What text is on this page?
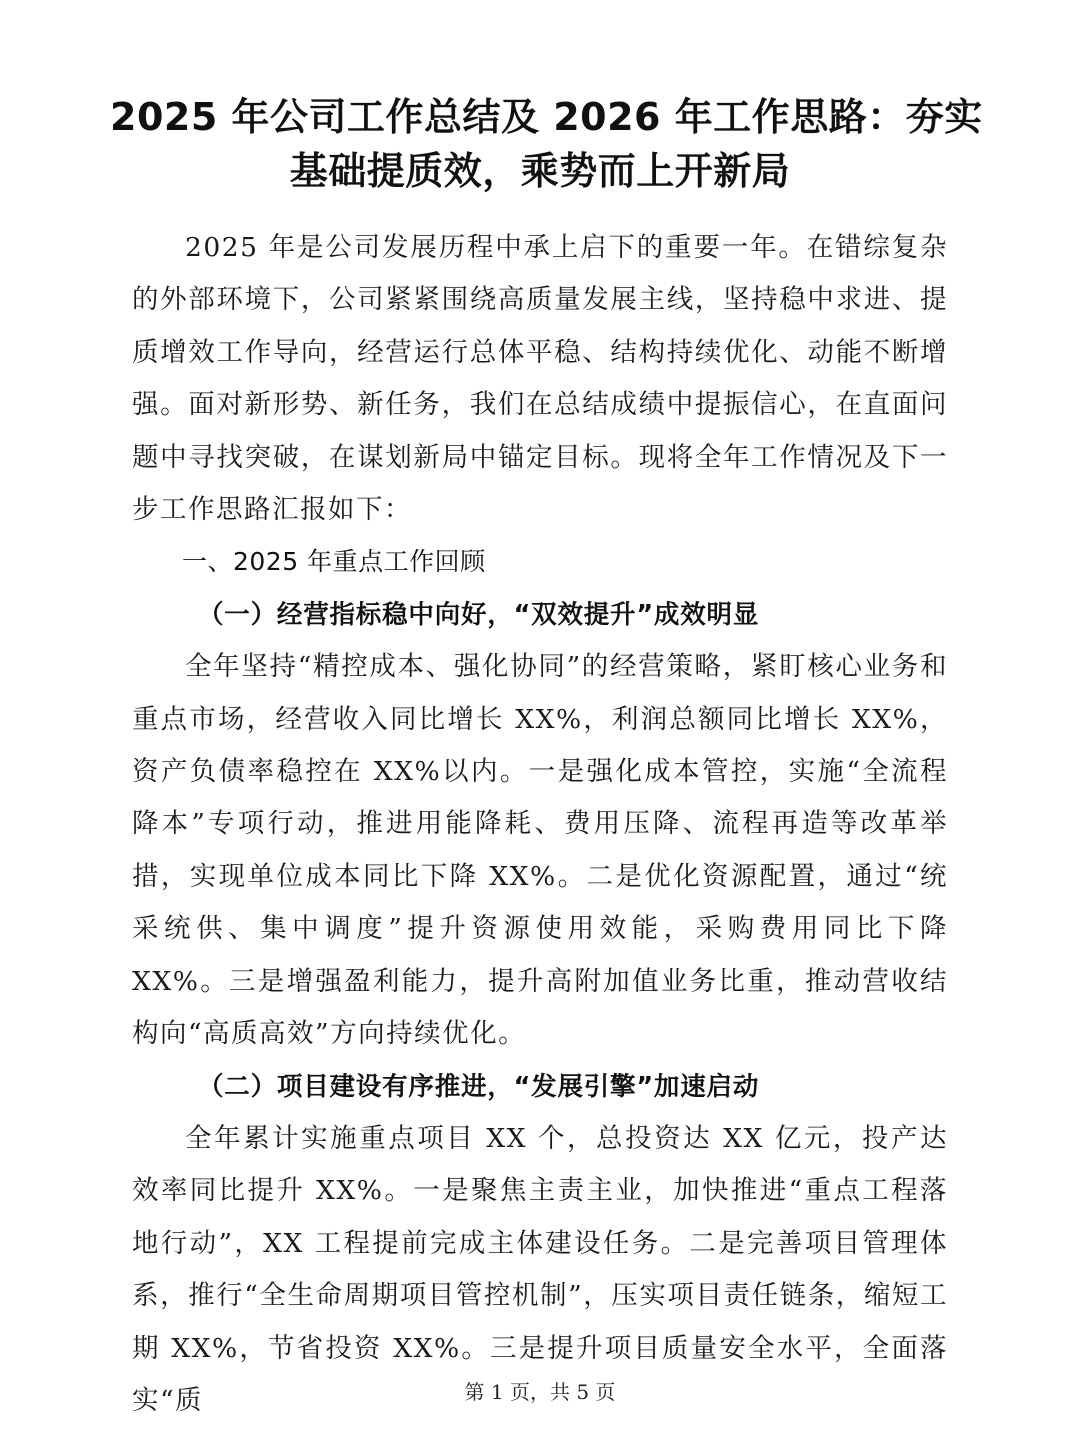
2025 年公司工作总结及 2026 年工作思路：夯实
基础提质效，乘势而上开新局

2025 年是公司发展历程中承上启下的重要一年。在错综复杂的外部环境下，公司紧紧围绕高质量发展主线，坚持稳中求进、提质增效工作导向，经营运行总体平稳、结构持续优化、动能不断增强。面对新形势、新任务，我们在总结成绩中提振信心，在直面问题中寻找突破，在谋划新局中锚定目标。现将全年工作情况及下一步工作思路汇报如下：

一、2025 年重点工作回顾

（一）经营指标稳中向好，“双效提升”成效明显

全年坚持“精控成本、强化协同”的经营策略，紧盯核心业务和重点市场，经营收入同比增长 XX%，利润总额同比增长 XX%，资产负债率稳控在 XX%以内。一是强化成本管控，实施“全流程降本”专项行动，推进用能降耗、费用压降、流程再造等改革举措，实现单位成本同比下降 XX%。二是优化资源配置，通过“统采统供、集中调度”提升资源使用效能，采购费用同比下降 XX%。三是增强盈利能力，提升高附加值业务比重，推动营收结构向“高质高效”方向持续优化。

（二）项目建设有序推进，“发展引擎”加速启动

全年累计实施重点项目 XX 个，总投资达 XX 亿元，投产达效率同比提升 XX%。一是聚焦主责主业，加快推进“重点工程落地行动”，XX 工程提前完成主体建设任务。二是完善项目管理体系，推行“全生命周期项目管控机制”，压实项目责任链条，缩短工期 XX%，节省投资 XX%。三是提升项目质量安全水平，全面落实“质	第 1 页，共 5 页
